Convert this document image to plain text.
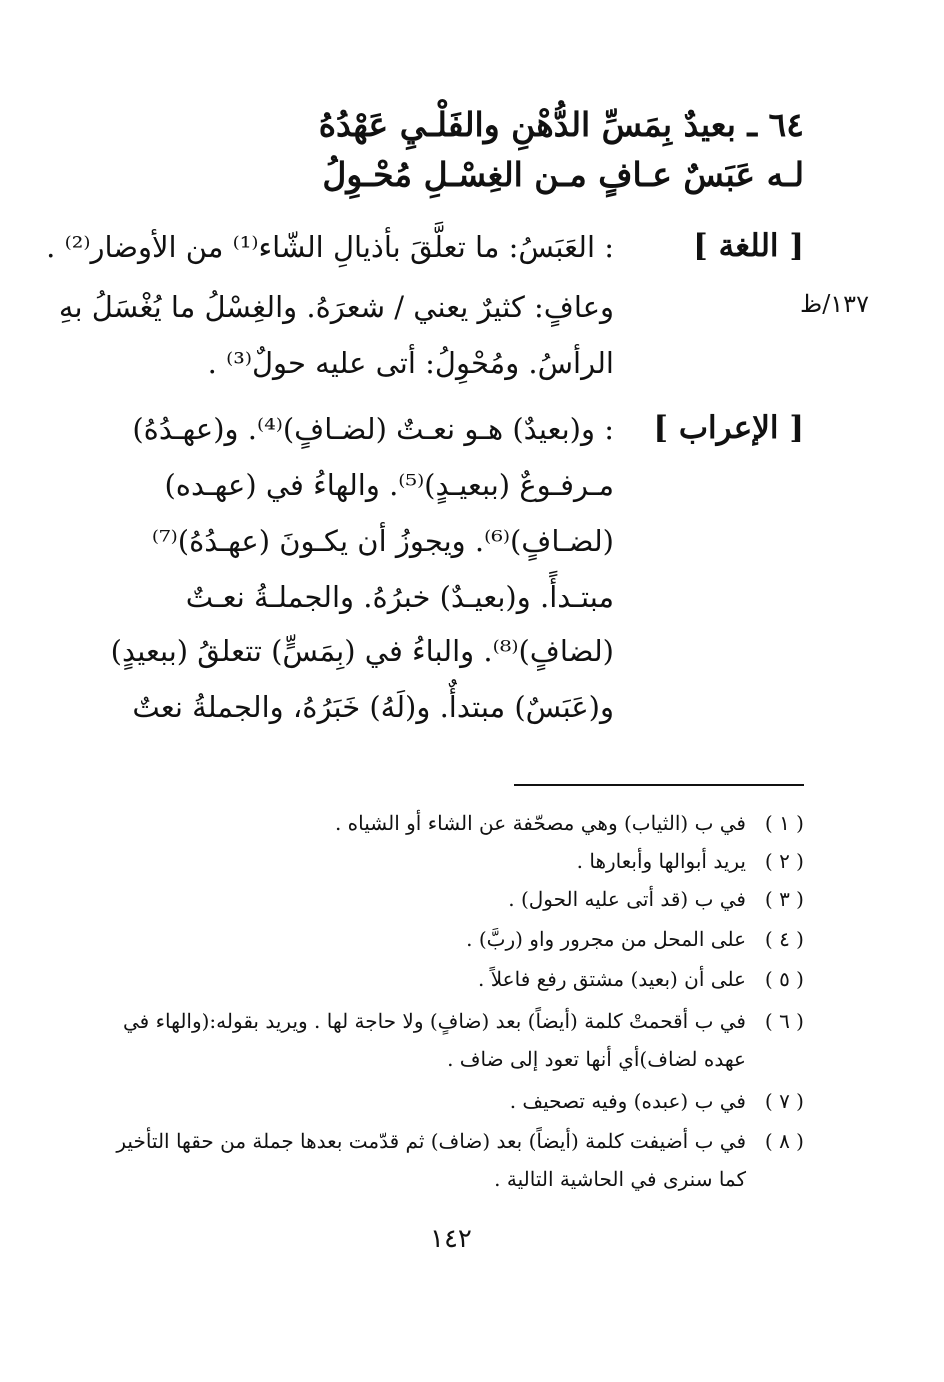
٦٤ ـ بعيدٌ بِمَسِّ الدُّهْنِ والفَلْـيِ عَهْدُهُ
لـه عَبَسٌ عـافٍ مـن الغِسْـلِ مُحْـوِلُ
[ اللغة ]
: العَبَسُ: ما تعلَّقَ بأذيالِ الشّاء⁽¹⁾ من الأوضار⁽²⁾ .
وعافٍ: كثيرٌ يعني / شعرَهُ. والغِسْلُ ما يُغْسَلُ بهِ
الرأسُ. ومُحْوِلُ: أتى عليه حولٌ⁽³⁾ .
١٣٧/ظ
[ الإعراب ]
: و(بعيدٌ) هـو نعـتٌ (لضـافٍ)⁽⁴⁾. و(عهـدُهُ)
مـرفـوعٌ (ببعيـدٍ)⁽⁵⁾. والهاءُ في (عهـده)
(لضـافٍ)⁽⁶⁾. ويجوزُ أن يكـونَ (عهـدُهُ)⁽⁷⁾
مبتـدأً. و(بعيـدٌ) خبرُهُ. والجملـةُ نعـتٌ
(لضافٍ)⁽⁸⁾. والباءُ في (بِمَسٍّ) تتعلقُ (ببعيدٍ)
و(عَبَسٌ) مبتدأٌ. و(لَهُ) خَبَرُهُ، والجملةُ نعتٌ
( ١ )في ب (الثياب) وهي مصحّفة عن الشاء أو الشياه .
( ٢ )يريد أبوالها وأبعارها .
( ٣ )في ب (قد أتى عليه الحول) .
( ٤ )على المحل من مجرور واو (ربَّ) .
( ٥ )على أن (بعيد) مشتق رفع فاعلاً .
( ٦ )في ب أقحمتْ كلمة (أيضاً) بعد (ضافٍ) ولا حاجة لها . ويريد بقوله:(والهاء في
عهده لضاف)أي أنها تعود إلى ضاف .
( ٧ )في ب (عبده) وفيه تصحيف .
( ٨ )في ب أضيفت كلمة (أيضاً) بعد (ضاف) ثم قدّمت بعدها جملة من حقها التأخير
كما سنرى في الحاشية التالية .
١٤٢
